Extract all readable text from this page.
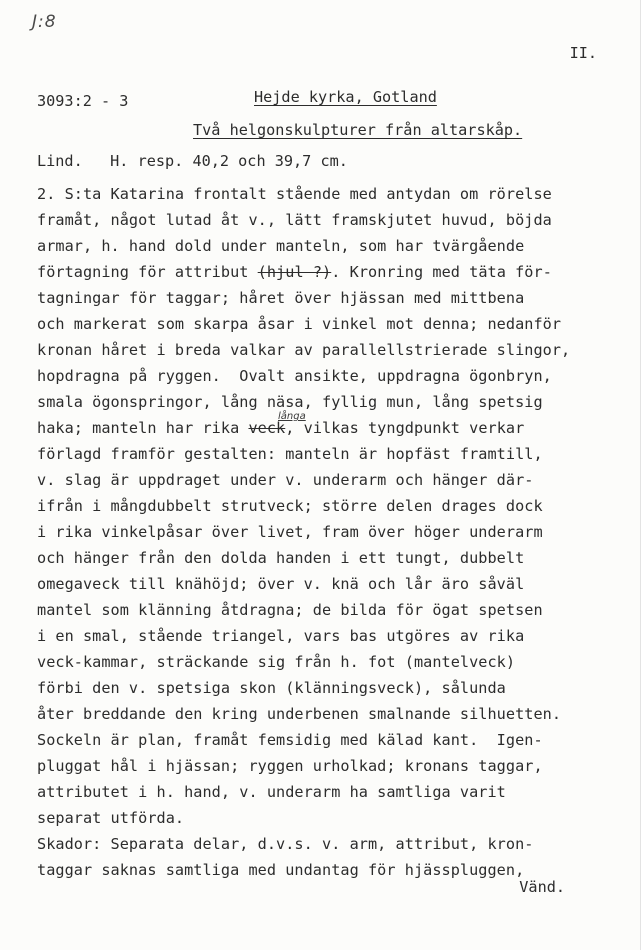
J:8
II.
3093:2 - 3	Hejde kyrka, Gotland
Två helgonskulpturer från altarskåp.
Lind.   H. resp. 40,2 och 39,7 cm.
2. S:ta Katarina frontalt stående med antydan om rörelse
framåt, något lutad åt v., lätt framskjutet huvud, böjda
armar, h. hand dold under manteln, som har tvärgående
förtagning för attribut (hjul ?). Kronring med täta för-
tagningar för taggar; håret över hjässan med mittbena
och markerat som skarpa åsar i vinkel mot denna; nedanför
kronan håret i breda valkar av parallellstrierade slingor,
hopdragna på ryggen.  Ovalt ansikte, uppdragna ögonbryn,
smala ögonspringor, lång näsa, fyllig mun, lång spetsig
långa
haka; manteln har rika veck, vilkas tyngdpunkt verkar
förlagd framför gestalten: manteln är hopfäst framtill,
v. slag är uppdraget under v. underarm och hänger där-
ifrån i mångdubbelt strutveck; större delen drages dock
i rika vinkelpåsar över livet, fram över höger underarm
och hänger från den dolda handen i ett tungt, dubbelt
omegaveck till knähöjd; över v. knä och lår äro såväl
mantel som klänning åtdragna; de bilda för ögat spetsen
i en smal, stående triangel, vars bas utgöres av rika
veck-kammar, sträckande sig från h. fot (mantelveck)
förbi den v. spetsiga skon (klänningsveck), sålunda
åter breddande den kring underbenen smalnande silhuetten.
Sockeln är plan, framåt femsidig med kälad kant.  Igen-
pluggat hål i hjässan; ryggen urholkad; kronans taggar,
attributet i h. hand, v. underarm ha samtliga varit
separat utförda.
Skador: Separata delar, d.v.s. v. arm, attribut, kron-
taggar saknas samtliga med undantag för hjässpluggen,
Vänd.
